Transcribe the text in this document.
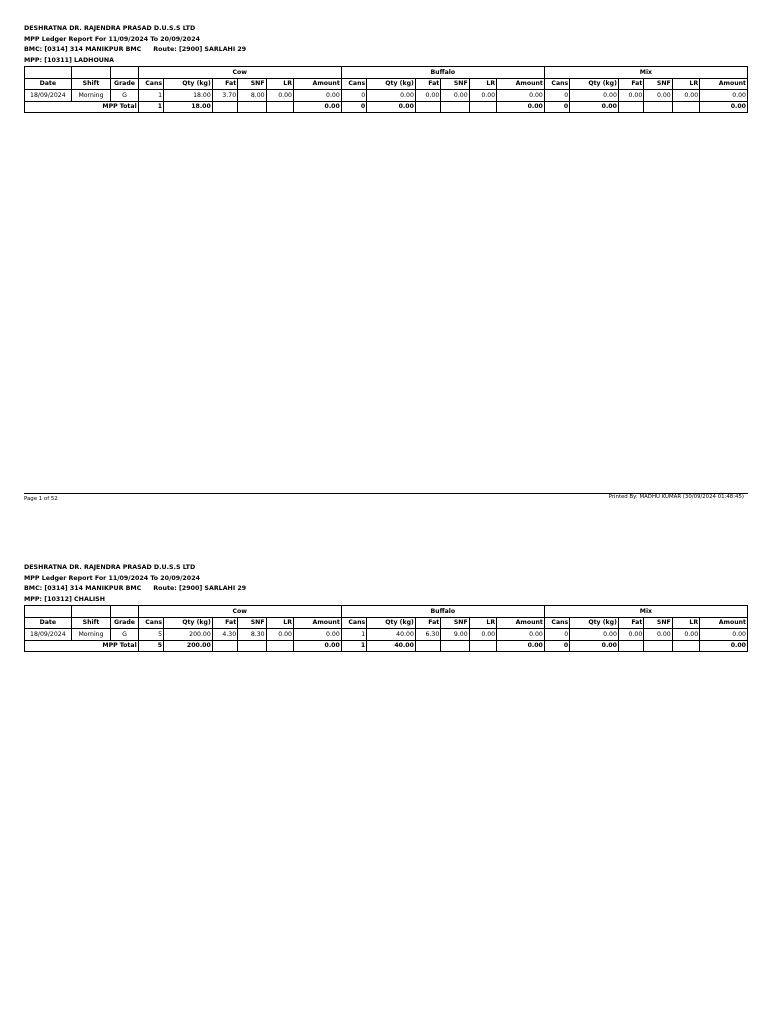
DESHRATNA DR. RAJENDRA PRASAD D.U.S.S LTD
MPP Ledger Report For 11/09/2024 To 20/09/2024
BMC: [0314] 314 MANIKPUR BMC Route: [2900] SARLAHI 29
MPP: [10311] LADHOUNA
			Cow						Buffalo						Mix					
Date	Shift	Grade	Cans	Qty (kg)	Fat	SNF	LR	Amount	Cans	Qty (kg)	Fat	SNF	LR	Amount	Cans	Qty (kg)	Fat	SNF	LR	Amount
18/09/2024	Morning	G	1	18.00	3.70	8.00	0.00	0.00	0	0.00	0.00	0.00	0.00	0.00	0	0.00	0.00	0.00	0.00	0.00
MPP Total			1	18.00				0.00	0	0.00				0.00	0	0.00				0.00
DESHRATNA DR. RAJENDRA PRASAD D.U.S.S LTD
MPP Ledger Report For 11/09/2024 To 20/09/2024
BMC: [0314] 314 MANIKPUR BMC Route: [2900] SARLAHI 29
MPP: [10312] CHALISH
			Cow						Buffalo						Mix					
Date	Shift	Grade	Cans	Qty (kg)	Fat	SNF	LR	Amount	Cans	Qty (kg)	Fat	SNF	LR	Amount	Cans	Qty (kg)	Fat	SNF	LR	Amount
18/09/2024	Morning	G	5	200.00	4.30	8.30	0.00	0.00	1	40.00	6.30	9.00	0.00	0.00	0	0.00	0.00	0.00	0.00	0.00
MPP Total			5	200.00				0.00	1	40.00				0.00	0	0.00				0.00
Page 1 of 52	Printed By: MADHU KUMAR (30/09/2024 01:48:45)
